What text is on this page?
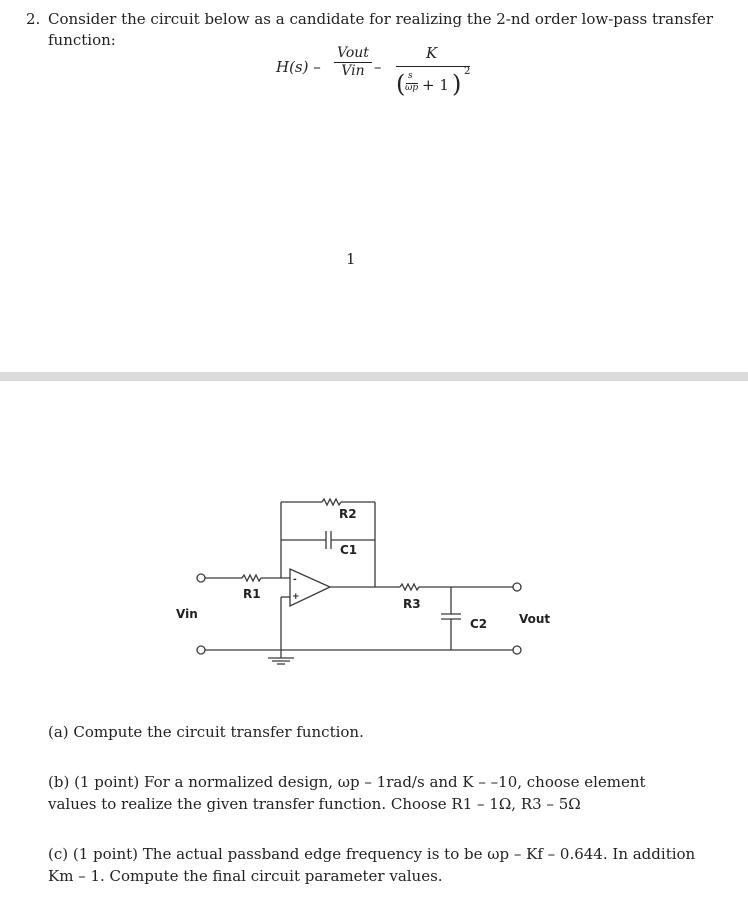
2. Consider the circuit below as a candidate for realizing the 2-nd order low-pass transfer
function:
H(s) –
Vout
Vin –
K
( s
ωp + 1 ) 2
1
-
+
R2
C1
R1
R3
C2
Vin	Vout
(a) Compute the circuit transfer function.
(b) (1 point) For a normalized design, ωp – 1rad/s and K – –10, choose element
values to realize the given transfer function. Choose R1 – 1Ω, R3 – 5Ω
(c) (1 point) The actual passband edge frequency is to be ωp – Kf – 0.644. In addition
Km – 1. Compute the final circuit parameter values.
